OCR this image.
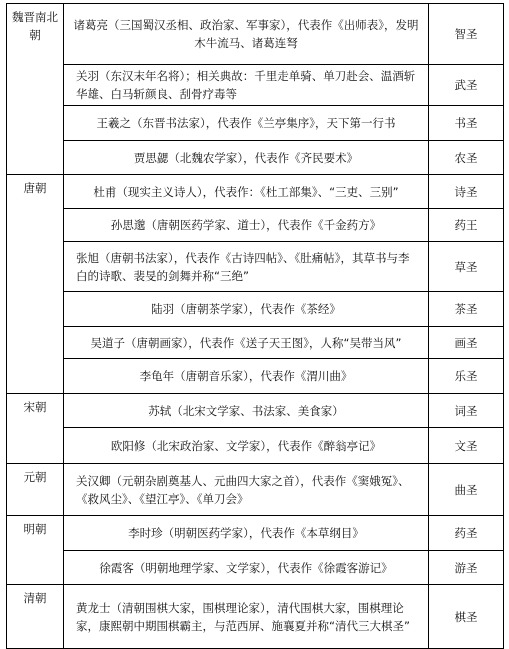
魏晋南北朝	诸葛亮（三国蜀汉丞相、政治家、军事家），代表作《出师表》，发明木牛流马、诸葛连弩	智圣
	关羽（东汉末年名将）；相关典故：千里走单骑、单刀赴会、温酒斩华雄、白马斩颜良、刮骨疗毒等	武圣
	王羲之（东晋书法家），代表作《兰亭集序》，天下第一行书	书圣
	贾思勰（北魏农学家），代表作《齐民要术》	农圣
唐朝	杜甫（现实主义诗人），代表作：《杜工部集》、“三吏、三别”	诗圣
	孙思邈（唐朝医药学家、道士），代表作《千金药方》	药王
	张旭（唐朝书法家），代表作《古诗四帖》、《肚痛帖》，其草书与李白的诗歌、裴旻的剑舞并称“三绝”	草圣
	陆羽（唐朝茶学家），代表作《茶经》	茶圣
	吴道子（唐朝画家），代表作《送子天王图》，人称“吴带当风”	画圣
	李龟年（唐朝音乐家），代表作《渭川曲》	乐圣
宋朝	苏轼（北宋文学家、书法家、美食家）	词圣
	欧阳修（北宋政治家、文学家），代表作《醉翁亭记》	文圣
元朝	关汉卿（元朝杂剧奠基人、元曲四大家之首），代表作《窦娥冤》、《救风尘》、《望江亭》、《单刀会》	曲圣
明朝	李时珍（明朝医药学家），代表作《本草纲目》	药圣
	徐霞客（明朝地理学家、文学家），代表作《徐霞客游记》	游圣
清朝	黄龙士（清朝围棋大家，围棋理论家），清代围棋大家，围棋理论家，康熙朝中期围棋霸主，与范西屏、施襄夏并称“清代三大棋圣”	棋圣
